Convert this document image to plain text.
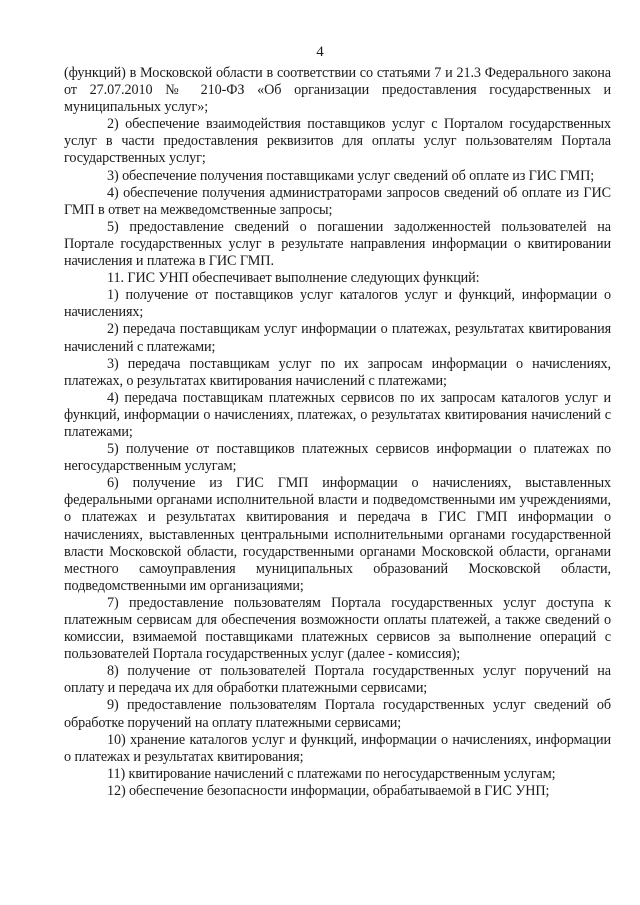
4

(функций) в Московской области в соответствии со статьями 7 и 21.3 Федерального закона от 27.07.2010 № 210-ФЗ «Об организации предоставления государственных и муниципальных услуг»;

2) обеспечение взаимодействия поставщиков услуг с Порталом государственных услуг в части предоставления реквизитов для оплаты услуг пользователям Портала государственных услуг;

3) обеспечение получения поставщиками услуг сведений об оплате из ГИС ГМП;

4) обеспечение получения администраторами запросов сведений об оплате из ГИС ГМП в ответ на межведомственные запросы;

5) предоставление сведений о погашении задолженностей пользователей на Портале государственных услуг в результате направления информации о квитировании начисления и платежа в ГИС ГМП.

11. ГИС УНП обеспечивает выполнение следующих функций:

1) получение от поставщиков услуг каталогов услуг и функций, информации о начислениях;

2) передача поставщикам услуг информации о платежах, результатах квитирования начислений с платежами;

3) передача поставщикам услуг по их запросам информации о начислениях, платежах, о результатах квитирования начислений с платежами;

4) передача поставщикам платежных сервисов по их запросам каталогов услуг и функций, информации о начислениях, платежах, о результатах квитирования начислений с платежами;

5) получение от поставщиков платежных сервисов информации о платежах по негосударственным услугам;

6) получение из ГИС ГМП информации о начислениях, выставленных федеральными органами исполнительной власти и подведомственными им учреждениями, о платежах и результатах квитирования и передача в ГИС ГМП информации о начислениях, выставленных центральными исполнительными органами государственной власти Московской области, государственными органами Московской области, органами местного самоуправления муниципальных образований Московской области, подведомственными им организациями;

7) предоставление пользователям Портала государственных услуг доступа к платежным сервисам для обеспечения возможности оплаты платежей, а также сведений о комиссии, взимаемой поставщиками платежных сервисов за выполнение операций с пользователей Портала государственных услуг (далее - комиссия);

8) получение от пользователей Портала государственных услуг поручений на оплату и передача их для обработки платежными сервисами;

9) предоставление пользователям Портала государственных услуг сведений об обработке поручений на оплату платежными сервисами;

10) хранение каталогов услуг и функций, информации о начислениях, информации о платежах и результатах квитирования;

11) квитирование начислений с платежами по негосударственным услугам;

12) обеспечение безопасности информации, обрабатываемой в ГИС УНП;
